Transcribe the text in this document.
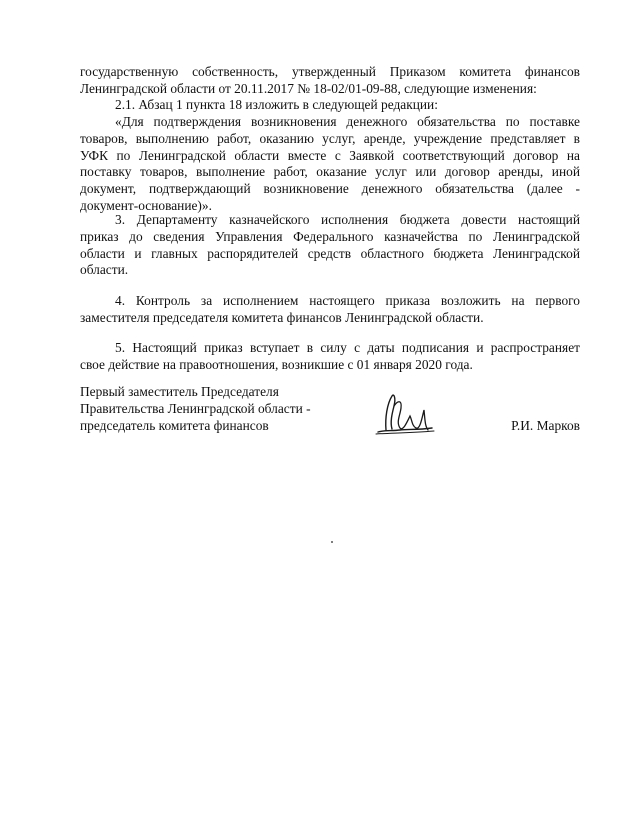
государственную собственность, утвержденный Приказом комитета финансов
Ленинградской области от 20.11.2017 № 18-02/01-09-88, следующие изменения:
2.1. Абзац 1 пункта 18 изложить в следующей редакции:
«Для подтверждения возникновения денежного обязательства по поставке
товаров, выполнению работ, оказанию услуг, аренде, учреждение представляет в
УФК по Ленинградской области вместе с Заявкой соответствующий договор на
поставку товаров, выполнение работ, оказание услуг или договор аренды, иной
документ, подтверждающий возникновение денежного обязательства (далее -
документ-основание)».
3. Департаменту казначейского исполнения бюджета довести настоящий
приказ до сведения Управления Федерального казначейства по Ленинградской
области и главных распорядителей средств областного бюджета Ленинградской
области.
4. Контроль за исполнением настоящего приказа возложить на первого
заместителя председателя комитета финансов Ленинградской области.
5. Настоящий приказ вступает в силу с даты подписания и распространяет
свое действие на правоотношения, возникшие с 01 января 2020 года.
Первый заместитель Председателя
Правительства Ленинградской области -
председатель комитета финансов	Р.И. Марков
